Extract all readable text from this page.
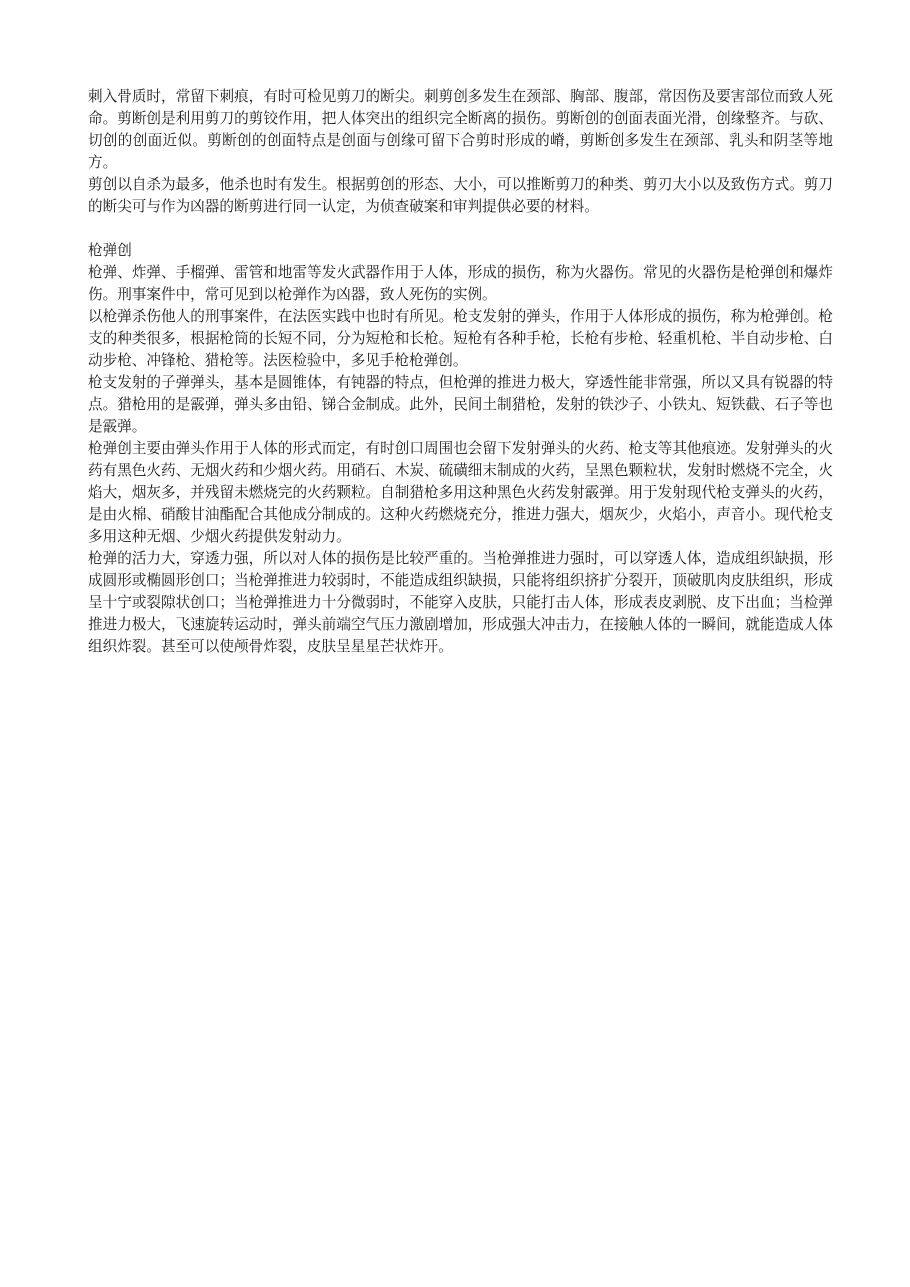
刺入骨质时，常留下刺痕，有时可检见剪刀的断尖。刺剪创多发生在颈部、胸部、腹部，常因伤及要害部位而致人死命。剪断创是利用剪刀的剪铰作用，把人体突出的组织完全断离的损伤。剪断创的创面表面光滑，创缘整齐。与砍、切创的创面近似。剪断创的创面特点是创面与创缘可留下合剪时形成的嵴，剪断创多发生在颈部、乳头和阴茎等地方。

剪创以自杀为最多，他杀也时有发生。根据剪创的形态、大小，可以推断剪刀的种类、剪刃大小以及致伤方式。剪刀的断尖可与作为凶器的断剪进行同一认定，为侦查破案和审判提供必要的材料。

枪弹创

枪弹、炸弹、手榴弹、雷管和地雷等发火武器作用于人体，形成的损伤，称为火器伤。常见的火器伤是枪弹创和爆炸伤。刑事案件中，常可见到以枪弹作为凶器，致人死伤的实例。

以枪弹杀伤他人的刑事案件，在法医实践中也时有所见。枪支发射的弹头，作用于人体形成的损伤，称为枪弹创。枪支的种类很多，根据枪筒的长短不同，分为短枪和长枪。短枪有各种手枪，长枪有步枪、轻重机枪、半自动步枪、白动步枪、冲锋枪、猎枪等。法医检验中，多见手枪枪弹创。

枪支发射的子弹弹头，基本是圆锥体，有钝器的特点，但枪弹的推进力极大，穿透性能非常强，所以又具有锐器的特点。猎枪用的是霰弹，弹头多由铅、锑合金制成。此外，民间土制猎枪，发射的铁沙子、小铁丸、短铁截、石子等也是霰弹。

枪弹创主要由弹头作用于人体的形式而定，有时创口周围也会留下发射弹头的火药、枪支等其他痕迹。发射弹头的火药有黑色火药、无烟火药和少烟火药。用硝石、木炭、硫磺细末制成的火药，呈黑色颗粒状，发射时燃烧不完全，火焰大，烟灰多，并残留未燃烧完的火药颗粒。自制猎枪多用这种黑色火药发射霰弹。用于发射现代枪支弹头的火药，是由火棉、硝酸甘油酯配合其他成分制成的。这种火药燃烧充分，推进力强大，烟灰少，火焰小，声音小。现代枪支多用这种无烟、少烟火药提供发射动力。

枪弹的活力大，穿透力强，所以对人体的损伤是比较严重的。当枪弹推进力强时，可以穿透人体，造成组织缺损，形成圆形或椭圆形创口；当枪弹推进力较弱时，不能造成组织缺损，只能将组织挤扩分裂开，顶破肌肉皮肤组织，形成呈十宁或裂隙状创口；当枪弹推进力十分微弱时，不能穿入皮肤，只能打击人体，形成表皮剥脱、皮下出血；当检弹推进力极大，飞速旋转运动时，弹头前端空气压力激剧增加，形成强大冲击力，在接触人体的一瞬间，就能造成人体组织炸裂。甚至可以使颅骨炸裂，皮肤呈星星芒状炸开。
